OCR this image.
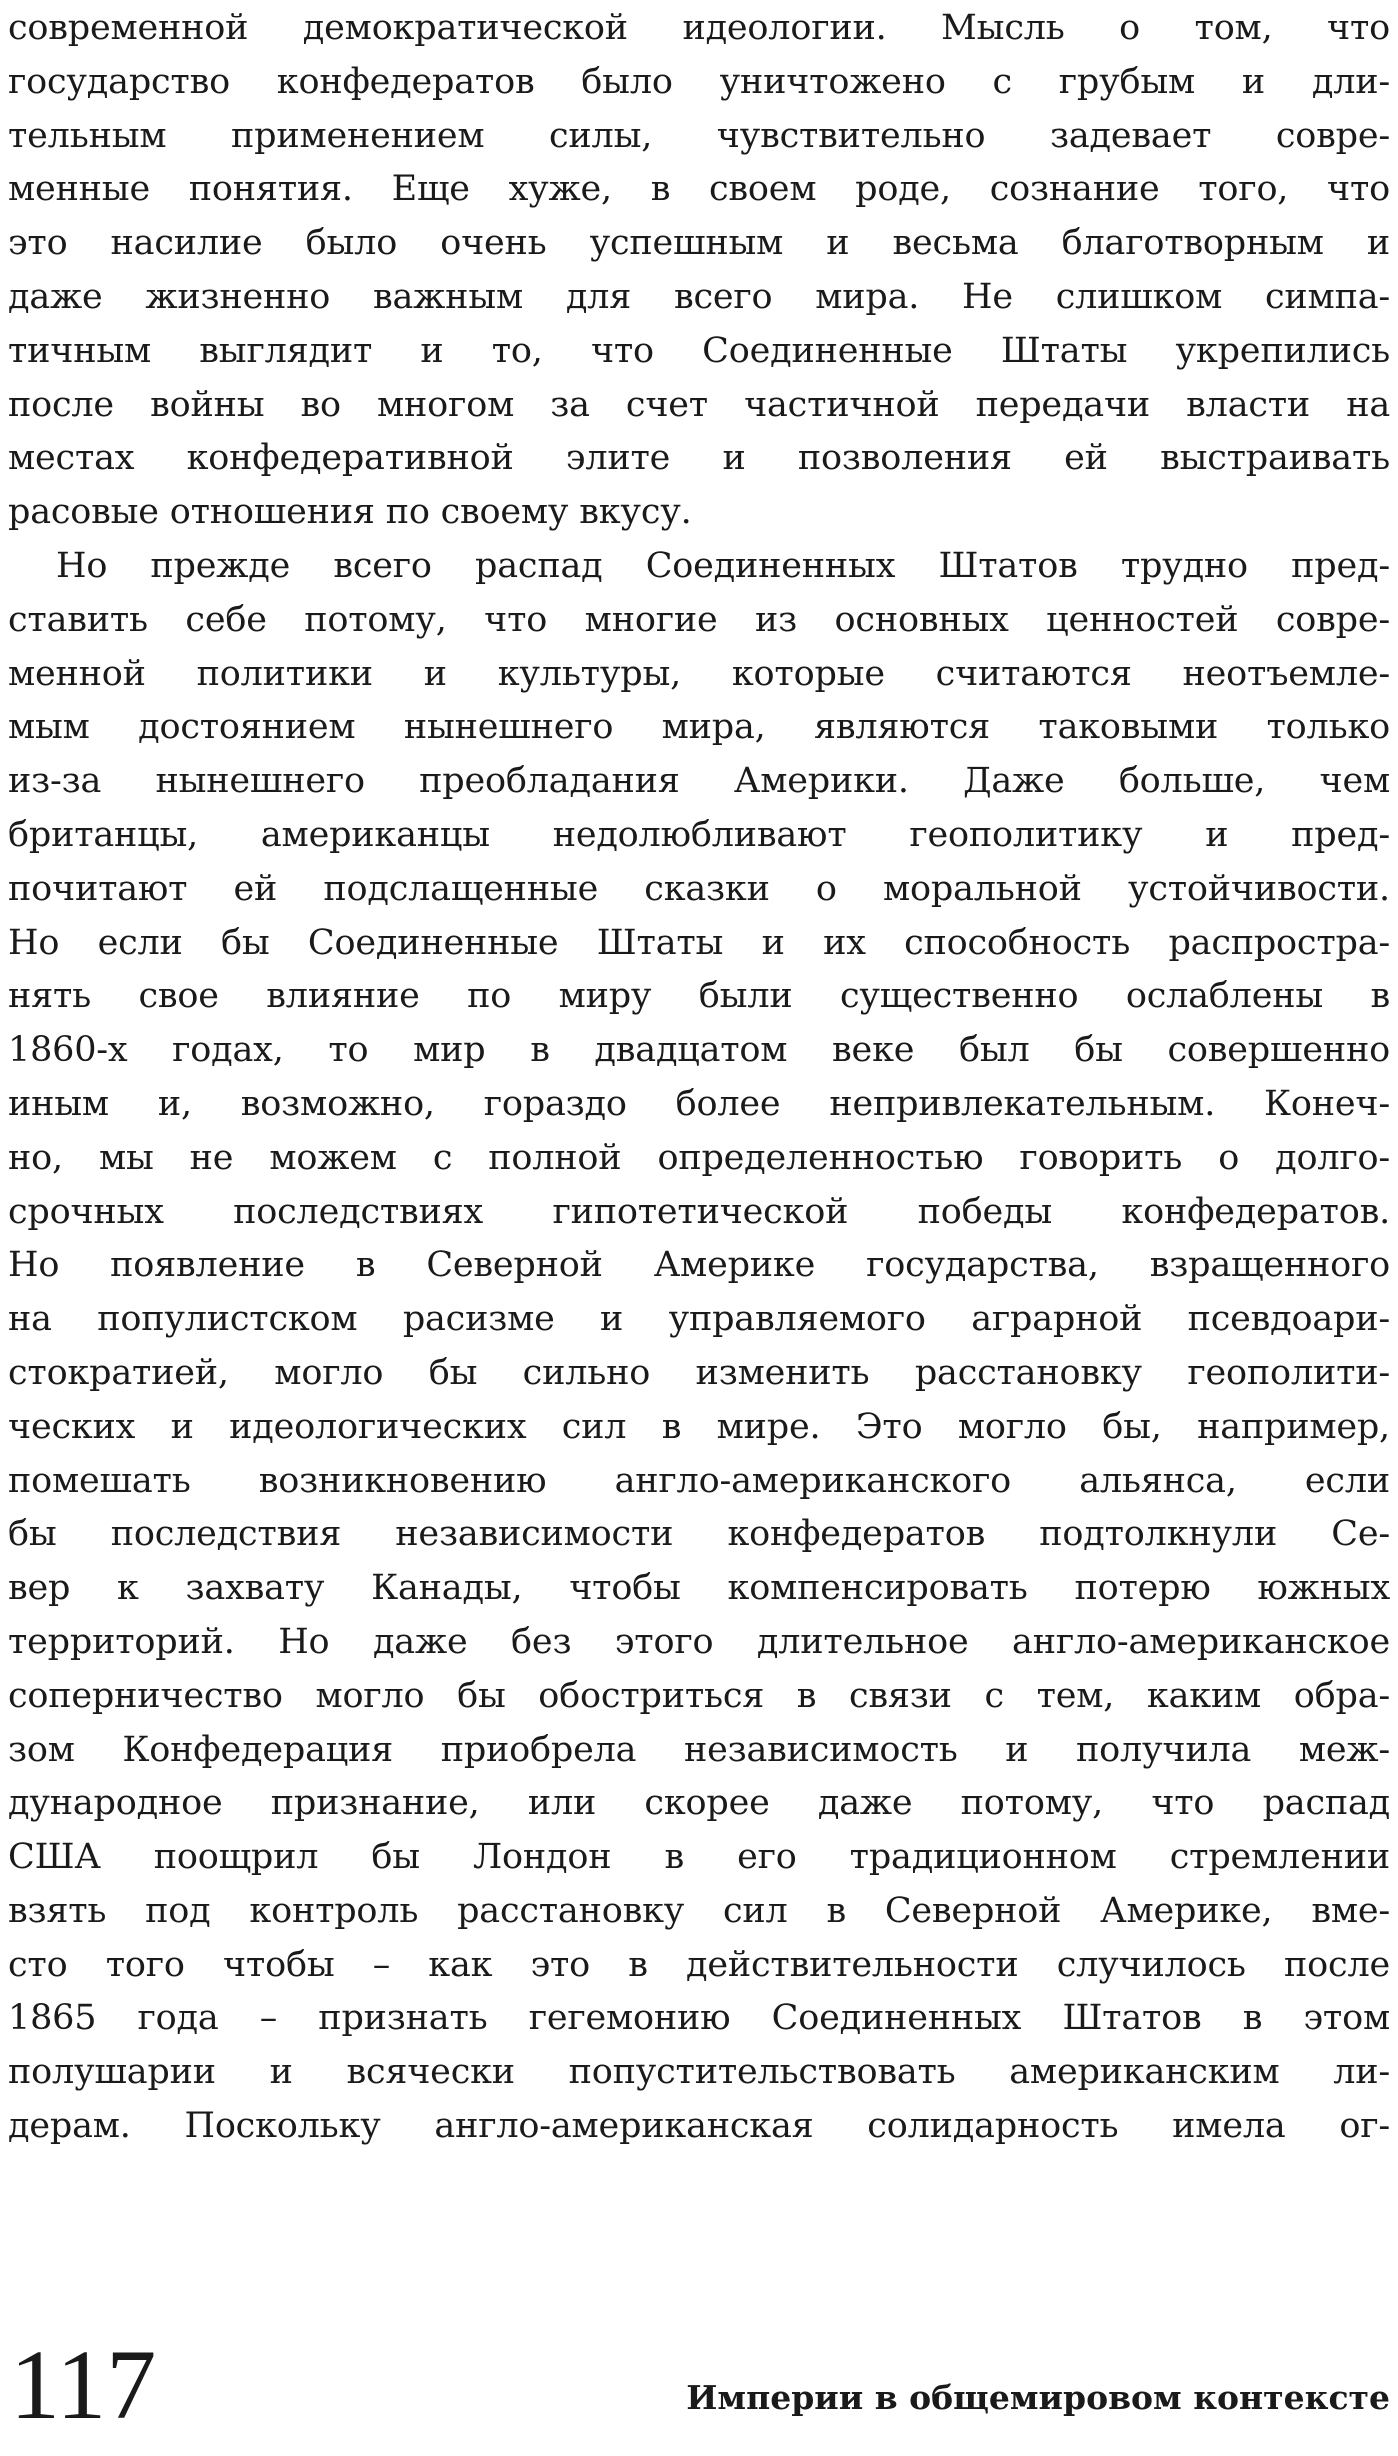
современной демократической идеологии. Мысль о том, что
государство конфедератов было уничтожено с грубым и дли-
тельным применением силы, чувствительно задевает совре-
менные понятия. Еще хуже, в своем роде, сознание того, что
это насилие было очень успешным и весьма благотворным и
даже жизненно важным для всего мира. Не слишком симпа-
тичным выглядит и то, что Соединенные Штаты укрепились
после войны во многом за счет частичной передачи власти на
местах конфедеративной элите и позволения ей выстраивать
расовые отношения по своему вкусу.
Но прежде всего распад Соединенных Штатов трудно пред-
ставить себе потому, что многие из основных ценностей совре-
менной политики и культуры, которые считаются неотъемле-
мым достоянием нынешнего мира, являются таковыми только
из-за нынешнего преобладания Америки. Даже больше, чем
британцы, американцы недолюбливают геополитику и пред-
почитают ей подслащенные сказки о моральной устойчивости.
Но если бы Соединенные Штаты и их способность распростра-
нять свое влияние по миру были существенно ослаблены в
1860-х годах, то мир в двадцатом веке был бы совершенно
иным и, возможно, гораздо более непривлекательным. Конеч-
но, мы не можем с полной определенностью говорить о долго-
срочных последствиях гипотетической победы конфедератов.
Но появление в Северной Америке государства, взращенного
на популистском расизме и управляемого аграрной псевдоари-
стократией, могло бы сильно изменить расстановку геополити-
ческих и идеологических сил в мире. Это могло бы, например,
помешать возникновению англо-американского альянса, если
бы последствия независимости конфедератов подтолкнули Се-
вер к захвату Канады, чтобы компенсировать потерю южных
территорий. Но даже без этого длительное англо-американское
соперничество могло бы обостриться в связи с тем, каким обра-
зом Конфедерация приобрела независимость и получила меж-
дународное признание, или скорее даже потому, что распад
США поощрил бы Лондон в его традиционном стремлении
взять под контроль расстановку сил в Северной Америке, вме-
сто того чтобы – как это в действительности случилось после
1865 года – признать гегемонию Соединенных Штатов в этом
полушарии и всячески попустительствовать американским ли-
дерам. Поскольку англо-американская солидарность имела ог-
117	Империи в общемировом контексте
